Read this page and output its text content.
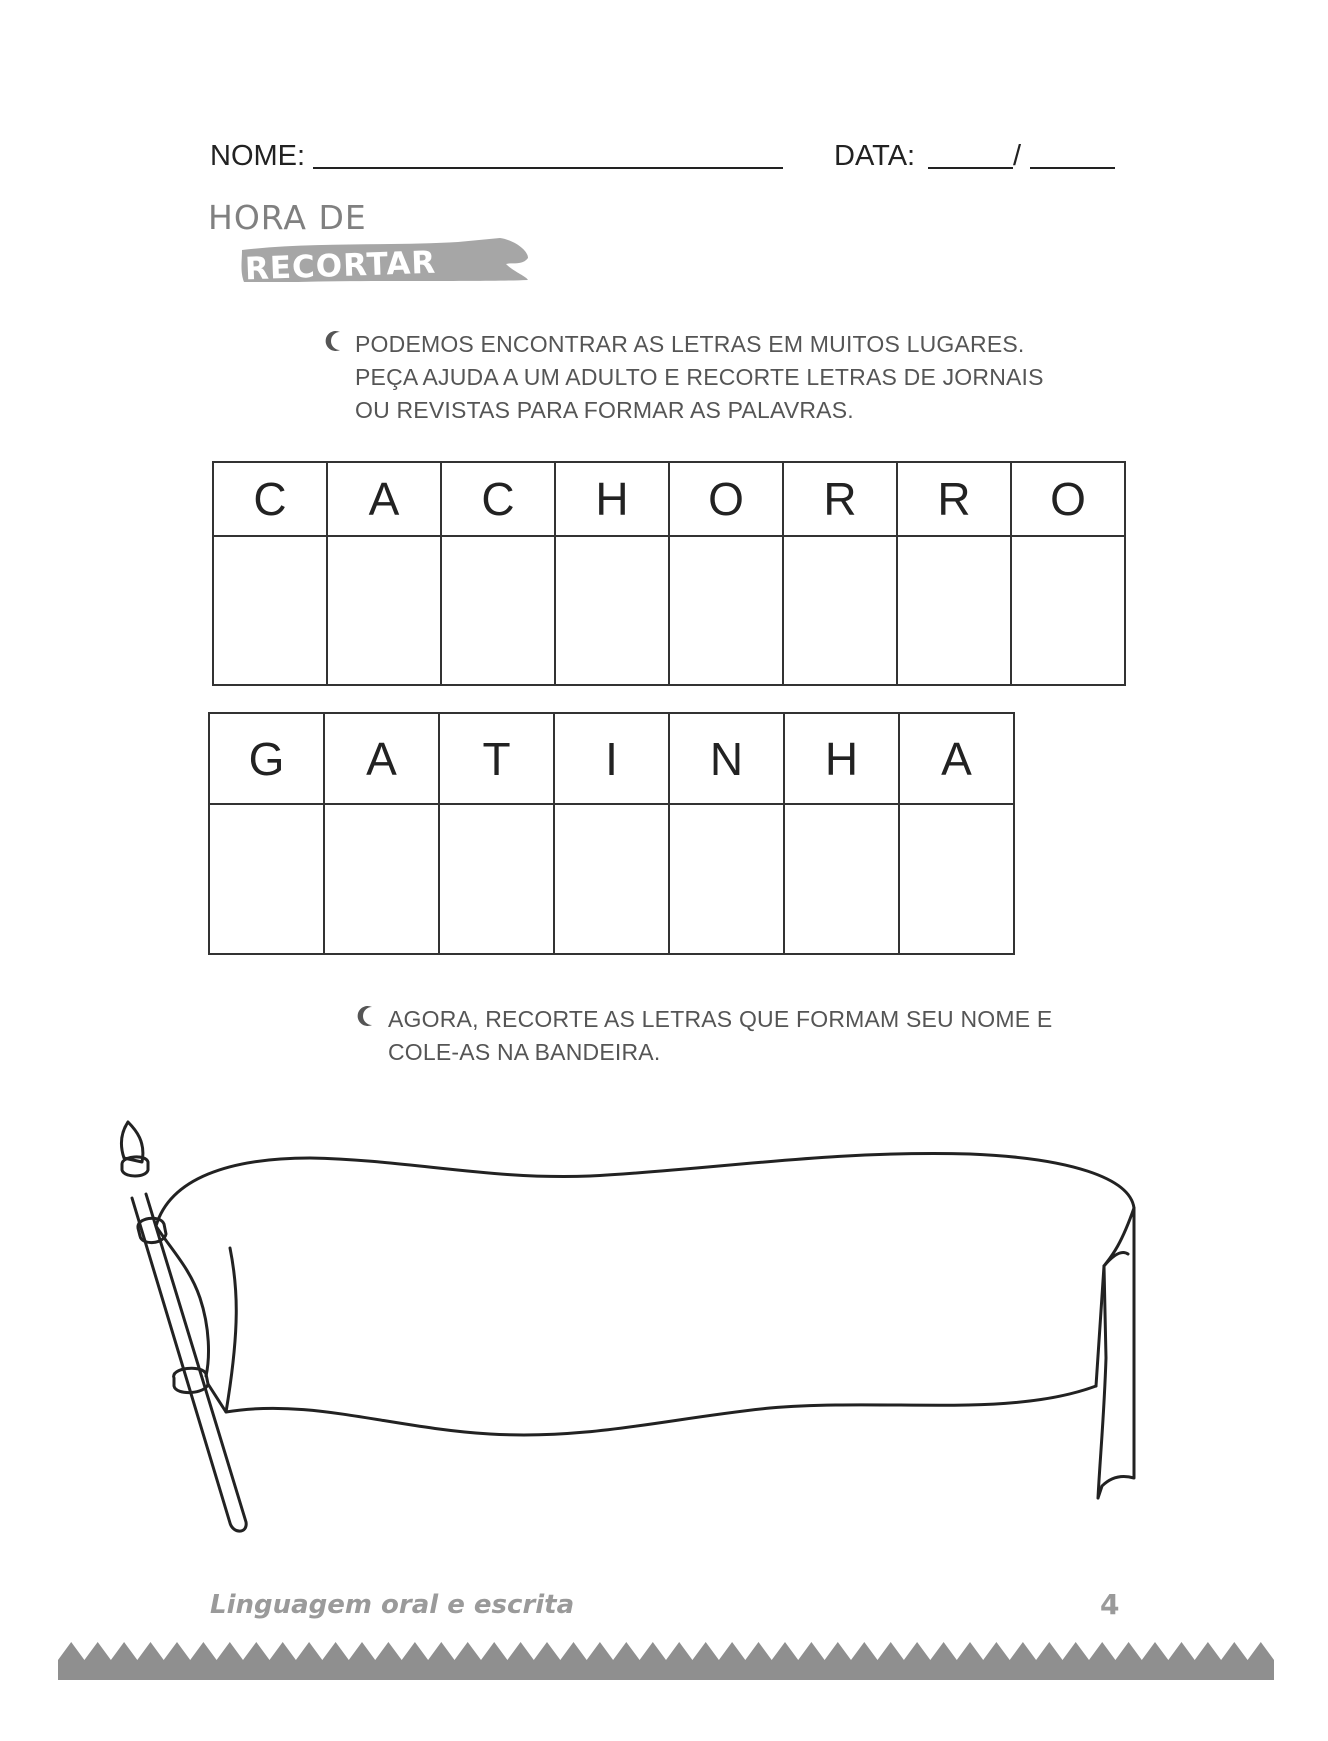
NOME:	DATA:	/
HORA DE
RECORTAR
PODEMOS ENCONTRAR AS LETRAS EM MUITOS LUGARES.
PEÇA AJUDA A UM ADULTO E RECORTE LETRAS DE JORNAIS
OU REVISTAS PARA FORMAR AS PALAVRAS.
C	A	C	H	O	R	R	O

G	A	T	I	N	H	A

AGORA, RECORTE AS LETRAS QUE FORMAM SEU NOME E
COLE-AS NA BANDEIRA.
Linguagem oral e escrita	4
